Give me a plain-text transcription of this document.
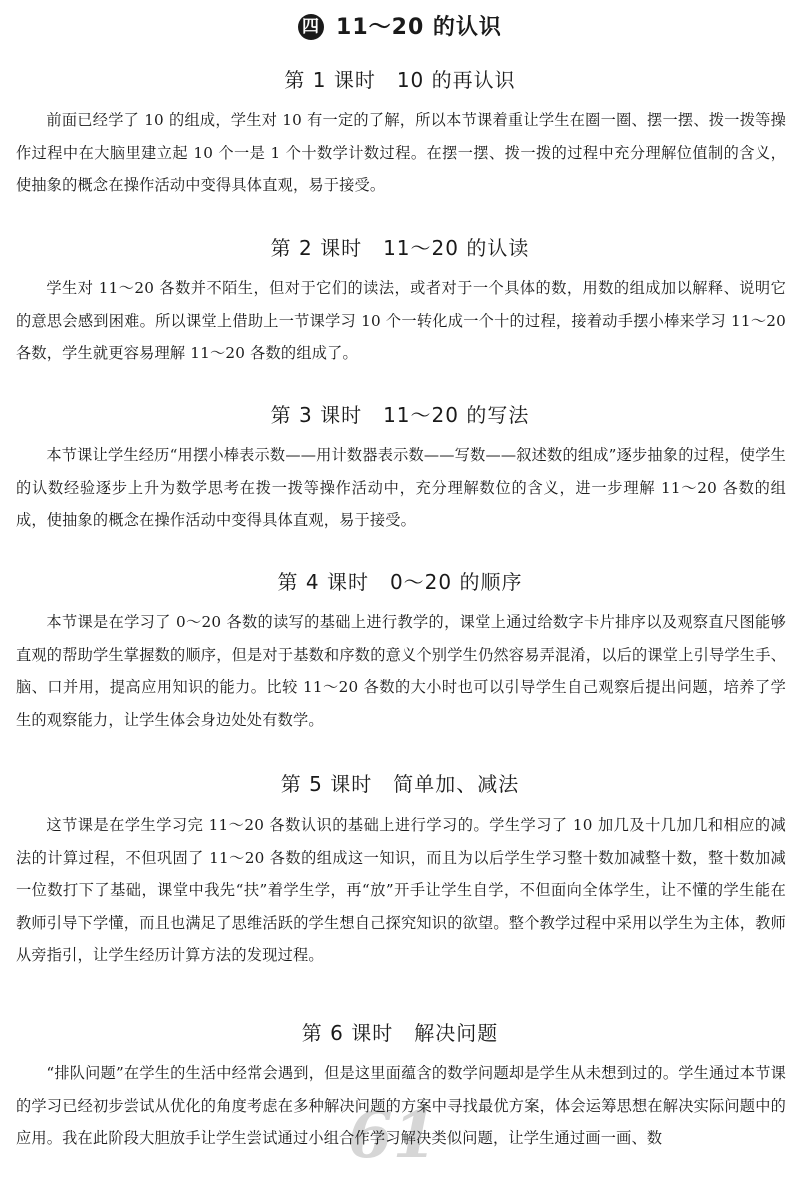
61
四 11～20 的认识
第 1 课时　10 的再认识
前面已经学了 10 的组成，学生对 10 有一定的了解，所以本节课着重让学生在圈一圈、摆一摆、拨一拨等操作过程中在大脑里建立起 10 个一是 1 个十数学计数过程。在摆一摆、拨一拨的过程中充分理解位值制的含义，使抽象的概念在操作活动中变得具体直观，易于接受。
第 2 课时　11～20 的认读
学生对 11～20 各数并不陌生，但对于它们的读法，或者对于一个具体的数，用数的组成加以解释、说明它的意思会感到困难。所以课堂上借助上一节课学习 10 个一转化成一个十的过程，接着动手摆小棒来学习 11～20 各数，学生就更容易理解 11～20 各数的组成了。
第 3 课时　11～20 的写法
本节课让学生经历“用摆小棒表示数——用计数器表示数——写数——叙述数的组成”逐步抽象的过程，使学生的认数经验逐步上升为数学思考在拨一拨等操作活动中，充分理解数位的含义，进一步理解 11～20 各数的组成，使抽象的概念在操作活动中变得具体直观，易于接受。
第 4 课时　0～20 的顺序
本节课是在学习了 0～20 各数的读写的基础上进行教学的，课堂上通过给数字卡片排序以及观察直尺图能够直观的帮助学生掌握数的顺序，但是对于基数和序数的意义个别学生仍然容易弄混淆，以后的课堂上引导学生手、脑、口并用，提高应用知识的能力。比较 11～20 各数的大小时也可以引导学生自己观察后提出问题，培养了学生的观察能力，让学生体会身边处处有数学。
第 5 课时　简单加、减法
这节课是在学生学习完 11～20 各数认识的基础上进行学习的。学生学习了 10 加几及十几加几和相应的减法的计算过程，不但巩固了 11～20 各数的组成这一知识，而且为以后学生学习整十数加减整十数，整十数加减一位数打下了基础，课堂中我先“扶”着学生学，再“放”开手让学生自学，不但面向全体学生，让不懂的学生能在教师引导下学懂，而且也满足了思维活跃的学生想自己探究知识的欲望。整个教学过程中采用以学生为主体，教师从旁指引，让学生经历计算方法的发现过程。
第 6 课时　解决问题
“排队问题”在学生的生活中经常会遇到，但是这里面蕴含的数学问题却是学生从未想到过的。学生通过本节课的学习已经初步尝试从优化的角度考虑在多种解决问题的方案中寻找最优方案，体会运筹思想在解决实际问题中的应用。我在此阶段大胆放手让学生尝试通过小组合作学习解决类似问题，让学生通过画一画、数
